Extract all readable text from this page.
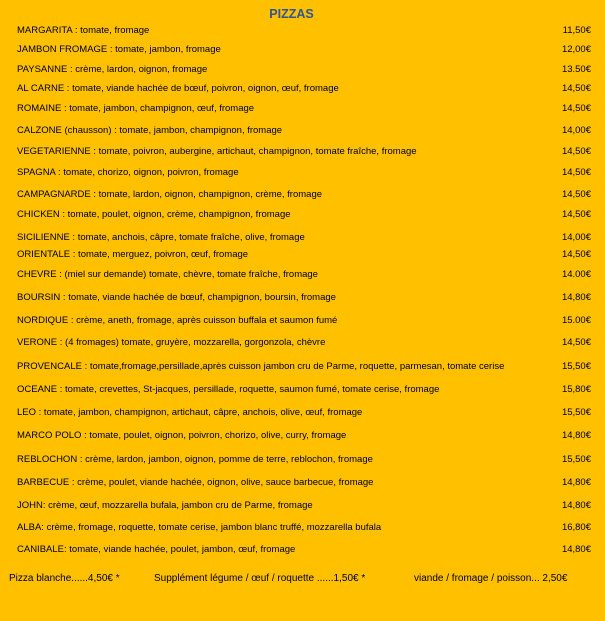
PIZZAS
MARGARITA : tomate, fromage	11,50€
JAMBON FROMAGE : tomate, jambon, fromage	12,00€
PAYSANNE : crème, lardon, oignon, fromage	13.50€
AL CARNE : tomate, viande hachée de bœuf, poivron, oignon, œuf, fromage	14,50€
ROMAINE : tomate, jambon, champignon, œuf, fromage	14,50€
CALZONE (chausson) : tomate, jambon, champignon, fromage	14,00€
VEGETARIENNE : tomate, poivron, aubergine, artichaut, champignon, tomate fraîche, fromage	14,50€
SPAGNA : tomate, chorizo, oignon, poivron, fromage	14,50€
CAMPAGNARDE : tomate, lardon, oignon, champignon, crème, fromage	14,50€
CHICKEN : tomate, poulet, oignon, crème, champignon, fromage	14,50€
SICILIENNE : tomate, anchois, câpre, tomate fraîche, olive, fromage	14,00€
ORIENTALE : tomate, merguez, poivron, œuf, fromage	14,50€
CHEVRE : (miel sur demande) tomate, chèvre, tomate fraîche, fromage	14.00€
BOURSIN : tomate, viande hachée de bœuf, champignon, boursin, fromage	14,80€
NORDIQUE : crème, aneth, fromage, après cuisson buffala et saumon fumé	15.00€
VERONE : (4 fromages) tomate, gruyère, mozzarella, gorgonzola, chèvre	14,50€
PROVENCALE : tomate,fromage,persillade,après cuisson jambon cru de Parme, roquette, parmesan, tomate cerise	15,50€
OCEANE : tomate, crevettes, St-jacques, persillade, roquette, saumon fumé, tomate cerise, fromage	15,80€
LEO : tomate, jambon, champignon, artichaut, câpre, anchois, olive, œuf, fromage	15,50€
MARCO POLO : tomate, poulet, oignon, poivron, chorizo, olive, curry, fromage	14,80€
REBLOCHON : crème, lardon, jambon, oignon, pomme de terre, reblochon, fromage	15,50€
BARBECUE : crème, poulet, viande hachée, oignon, olive, sauce barbecue, fromage	14,80€
JOHN: crème, œuf, mozzarella bufala, jambon cru de Parme, fromage	14,80€
ALBA: crème, fromage, roquette, tomate cerise, jambon blanc truffé, mozzarella bufala	16,80€
CANIBALE: tomate, viande hachée, poulet, jambon, œuf, fromage	14,80€
Pizza blanche......4,50€ *	Supplément légume / œuf / roquette ......1,50€ *	viande / fromage / poisson... 2,50€
